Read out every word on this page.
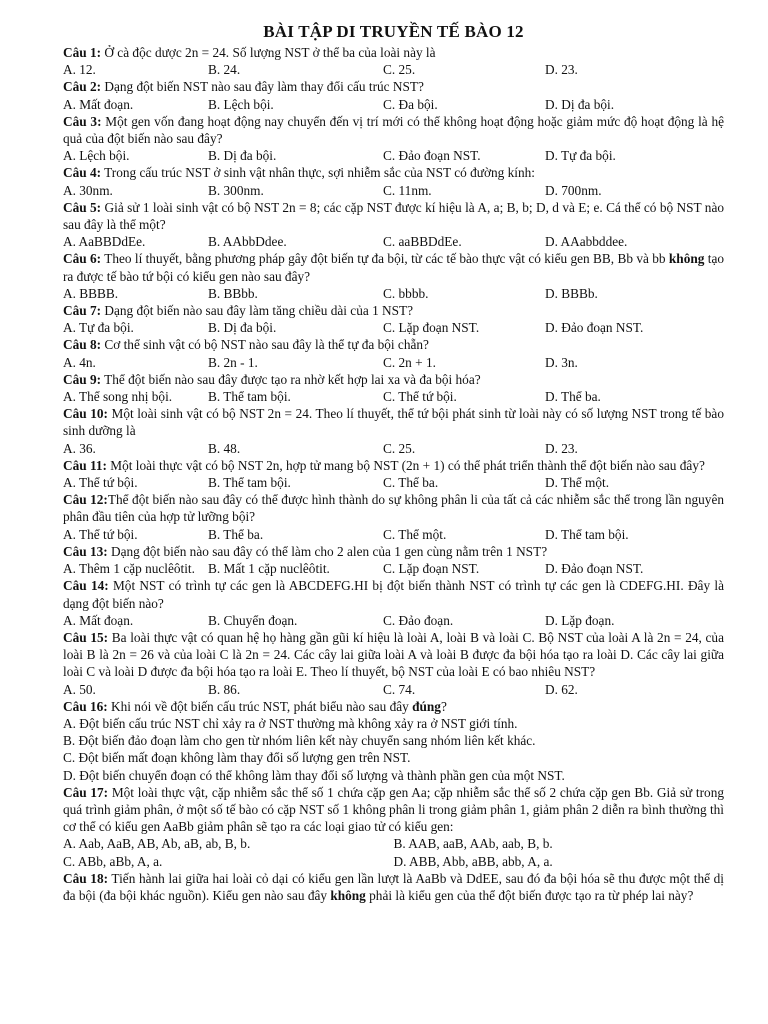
BÀI TẬP DI TRUYỀN TẾ BÀO 12

Câu 1: Ở cà độc dược 2n = 24. Số lượng NST ở thể ba của loài này là

A. 12.	B. 24.	C. 25.	D. 23.

Câu 2: Dạng đột biến NST nào sau đây làm thay đổi cấu trúc NST?

A. Mất đoạn.	B. Lệch bội.	C. Đa bội.	D. Dị đa bội.

Câu 3: Một gen vốn đang hoạt động nay chuyển đến vị trí mới có thể không hoạt động hoặc giảm mức độ hoạt động là hệ quả của đột biến nào sau đây?

A. Lệch bội.	B. Dị đa bội.	C. Đảo đoạn NST.	D. Tự đa bội.

Câu 4: Trong cấu trúc NST ở sinh vật nhân thực, sợi nhiễm sắc của NST có đường kính:

A. 30nm.	B. 300nm.	C. 11nm.	D. 700nm.

Câu 5: Giả sử 1 loài sinh vật có bộ NST 2n = 8; các cặp NST được kí hiệu là A, a; B, b; D, d và E; e. Cá thể có bộ NST nào sau đây là thể một?

A. AaBBDdEe.	B. AAbbDdee.	C. aaBBDdEe.	D. AAabbddee.

Câu 6: Theo lí thuyết, bằng phương pháp gây đột biến tự đa bội, từ các tế bào thực vật có kiểu gen BB, Bb và bb không tạo ra được tế bào tứ bội có kiểu gen nào sau đây?

A. BBBB.	B. BBbb.	C. bbbb.	D. BBBb.

Câu 7: Dạng đột biến nào sau đây làm tăng chiều dài của 1 NST?

A. Tự đa bội.	B. Dị đa bội.	C. Lặp đoạn NST.	D. Đảo đoạn NST.

Câu 8: Cơ thể sinh vật có bộ NST nào sau đây là thể tự đa bội chẵn?

A. 4n.	B. 2n - 1.	C. 2n + 1.	D. 3n.

Câu 9: Thể đột biến nào sau đây được tạo ra nhờ kết hợp lai xa và đa bội hóa?

A. Thể song nhị bội.	B. Thể tam bội.	C. Thể tứ bội.	D. Thể ba.

Câu 10: Một loài sinh vật có bộ NST 2n = 24. Theo lí thuyết, thể tứ bội phát sinh từ loài này có số lượng NST trong tế bào sinh dưỡng là

A. 36.	B. 48.	C. 25.	D. 23.

Câu 11: Một loài thực vật có bộ NST 2n, hợp tử mang bộ NST (2n + 1) có thể phát triển thành thể đột biến nào sau đây?

A. Thể tứ bội.	B. Thể tam bội.	C. Thể ba.	D. Thể một.

Câu 12:Thể đột biến nào sau đây có thể được hình thành do sự không phân li của tất cả các nhiễm sắc thể trong lần nguyên phân đầu tiên của hợp tử lưỡng bội?

A. Thể tứ bội.	B. Thể ba.	C. Thể một.	D. Thể tam bội.

Câu 13: Dạng đột biến nào sau đây có thể làm cho 2 alen của 1 gen cùng nằm trên 1 NST?

A. Thêm 1 cặp nuclêôtit. B. Mất 1 cặp nuclêôtit.	C. Lặp đoạn NST.	D. Đảo đoạn NST.

Câu 14: Một NST có trình tự các gen là ABCDEFG.HI bị đột biến thành NST có trình tự các gen là CDEFG.HI. Đây là dạng đột biến nào?

A. Mất đoạn.	B. Chuyển đoạn.	C. Đảo đoạn.	D. Lặp đoạn.

Câu 15: Ba loài thực vật có quan hệ họ hàng gần gũi kí hiệu là loài A, loài B và loài C. Bộ NST của loài A là 2n = 24, của loài B là 2n = 26 và của loài C là 2n = 24. Các cây lai giữa loài A và loài B được đa bội hóa tạo ra loài D. Các cây lai giữa loài C và loài D được đa bội hóa tạo ra loài E. Theo lí thuyết, bộ NST của loài E có bao nhiêu NST?

A. 50.	B. 86.	C. 74.	D. 62.

Câu 16: Khi nói về đột biến cấu trúc NST, phát biểu nào sau đây đúng?

A. Đột biến cấu trúc NST chỉ xảy ra ở NST thường mà không xảy ra ở NST giới tính.

B. Đột biến đảo đoạn làm cho gen từ nhóm liên kết này chuyển sang nhóm liên kết khác.

C. Đột biến mất đoạn không làm thay đổi số lượng gen trên NST.

D. Đột biến chuyển đoạn có thể không làm thay đổi số lượng và thành phần gen của một NST.

Câu 17: Một loài thực vật, cặp nhiễm sắc thể số 1 chứa cặp gen Aa; cặp nhiễm sắc thể số 2 chứa cặp gen Bb. Giả sử trong quá trình giảm phân, ở một số tế bào có cặp NST số 1 không phân li trong giảm phân 1, giảm phân 2 diễn ra bình thường thì cơ thể có kiểu gen AaBb giảm phân sẽ tạo ra các loại giao tử có kiểu gen:

A. Aab, AaB, AB, Ab, aB, ab, B, b.	B. AAB, aaB, AAb, aab, B, b.
C. ABb, aBb, A, a.	D. ABB, Abb, aBB, abb, A, a.

Câu 18: Tiến hành lai giữa hai loài cỏ dại có kiểu gen lần lượt là AaBb và DdEE, sau đó đa bội hóa sẽ thu được một thể dị đa bội (đa bội khác nguồn). Kiểu gen nào sau đây không phải là kiểu gen của thể đột biến được tạo ra từ phép lai này?
